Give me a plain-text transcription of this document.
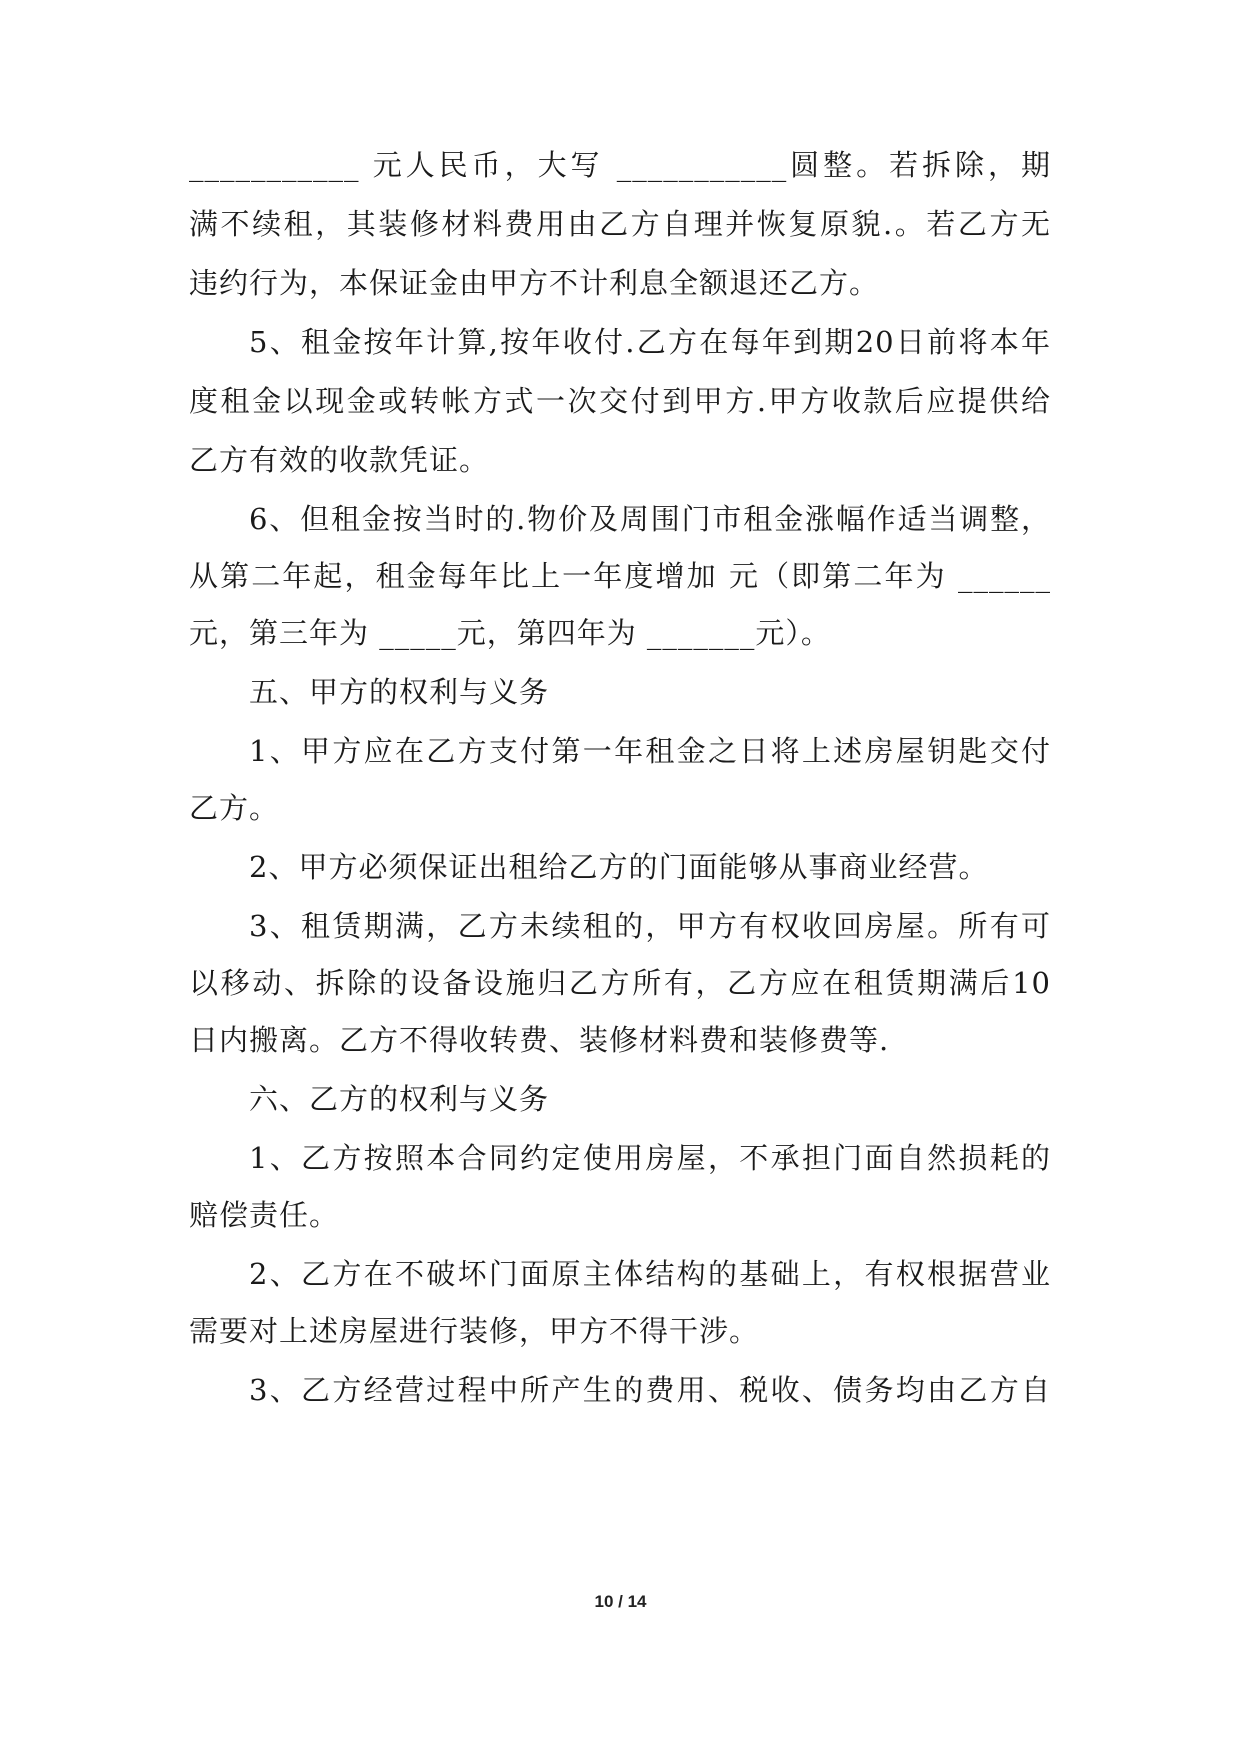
___________ 元人民币，大写 ___________圆整。若拆除，期
满不续租，其装修材料费用由乙方自理并恢复原貌.。若乙方无
违约行为，本保证金由甲方不计利息全额退还乙方。
5、租金按年计算,按年收付.乙方在每年到期20日前将本年
度租金以现金或转帐方式一次交付到甲方.甲方收款后应提供给
乙方有效的收款凭证。
6、但租金按当时的.物价及周围门市租金涨幅作适当调整，
从第二年起，租金每年比上一年度增加 元（即第二年为 ______
元，第三年为 _____元，第四年为 _______元）。
五、甲方的权利与义务
1、甲方应在乙方支付第一年租金之日将上述房屋钥匙交付
乙方。
2、甲方必须保证出租给乙方的门面能够从事商业经营。
3、租赁期满，乙方未续租的，甲方有权收回房屋。所有可
以移动、拆除的设备设施归乙方所有，乙方应在租赁期满后10
日内搬离。乙方不得收转费、装修材料费和装修费等.
六、乙方的权利与义务
1、乙方按照本合同约定使用房屋，不承担门面自然损耗的
赔偿责任。
2、乙方在不破坏门面原主体结构的基础上，有权根据营业
需要对上述房屋进行装修，甲方不得干涉。
3、乙方经营过程中所产生的费用、税收、债务均由乙方自
10 / 14
